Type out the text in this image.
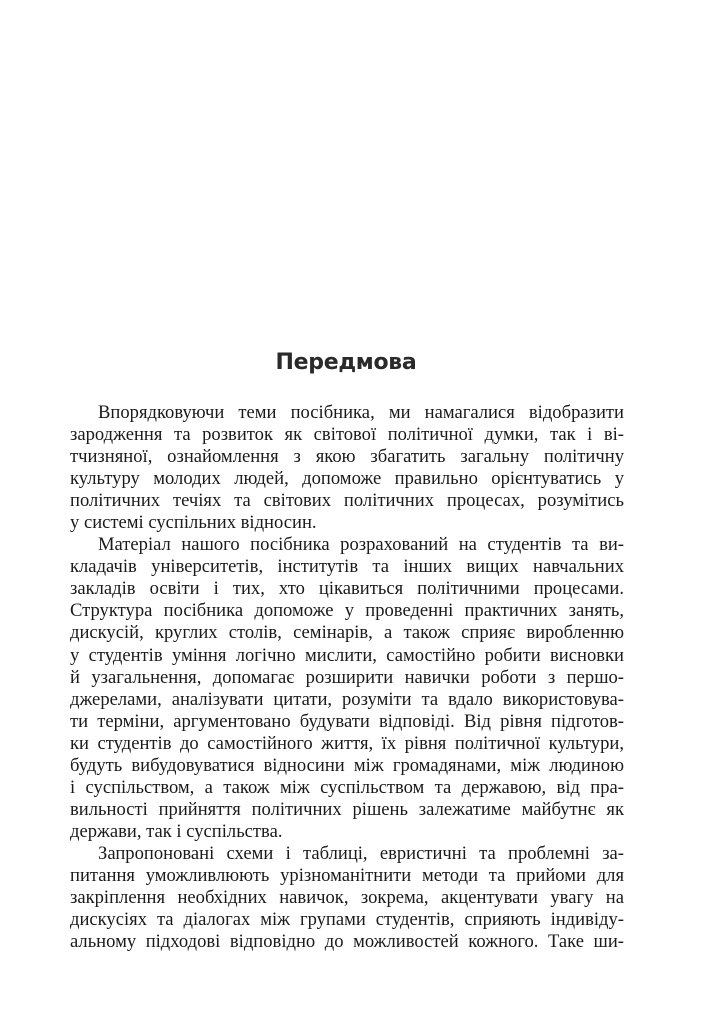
Передмова
Впорядковуючи теми посібника, ми намагалися відобразити
зародження та розвиток як світової політичної думки, так і ві-
тчизняної, ознайомлення з якою збагатить загальну політичну
культуру молодих людей, допоможе правильно орієнтуватись у
політичних течіях та світових політичних процесах, розумітись
у системі суспільних відносин.
Матеріал нашого посібника розрахований на студентів та ви-
кладачів університетів, інститутів та інших вищих навчальних
закладів освіти і тих, хто цікавиться політичними процесами.
Структура посібника допоможе у проведенні практичних занять,
дискусій, круглих столів, семінарів, а також сприяє виробленню
у студентів уміння логічно мислити, самостійно робити висновки
й узагальнення, допомагає розширити навички роботи з першо-
джерелами, аналізувати цитати, розуміти та вдало використовува-
ти терміни, аргументовано будувати відповіді. Від рівня підготов-
ки студентів до самостійного життя, їх рівня політичної культури,
будуть вибудовуватися відносини між громадянами, між людиною
і суспільством, а також між суспільством та державою, від пра-
вильності прийняття політичних рішень залежатиме майбутнє як
держави, так і суспільства.
Запропоновані схеми і таблиці, евристичні та проблемні за-
питання уможливлюють урізноманітнити методи та прийоми для
закріплення необхідних навичок, зокрема, акцентувати увагу на
дискусіях та діалогах між групами студентів, сприяють індивіду-
альному підходові відповідно до можливостей кожного. Таке ши-
